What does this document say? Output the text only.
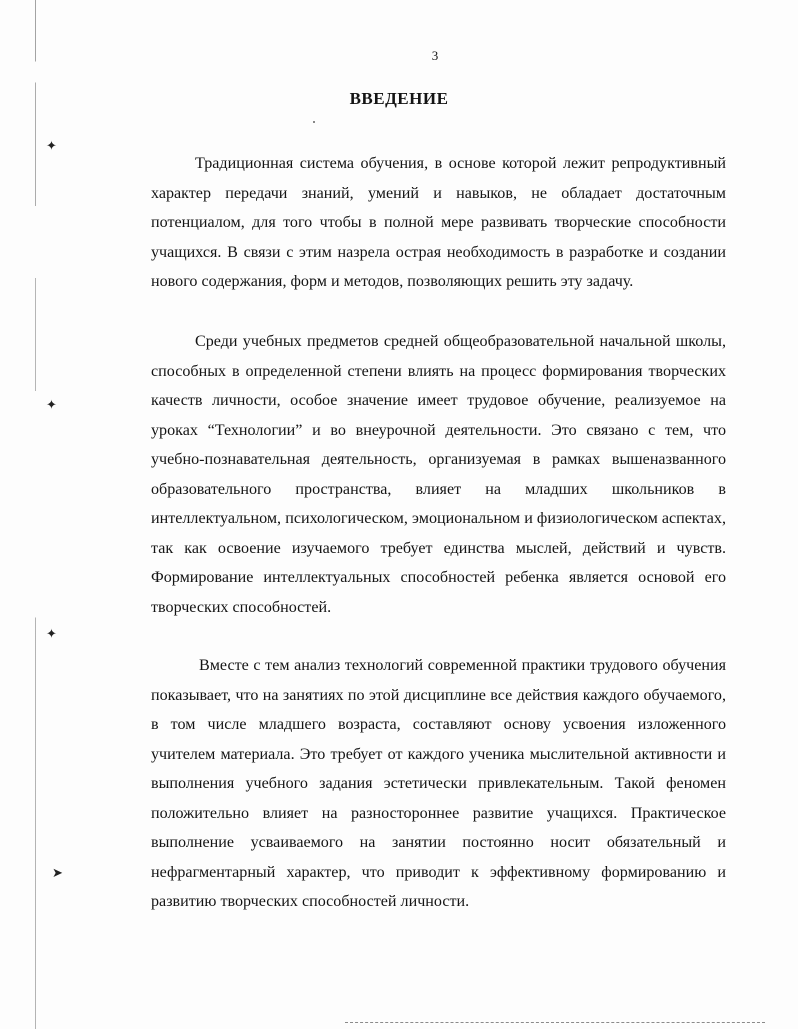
✦
✦
✦
➤
3
ВВЕДЕНИЕ

Традиционная система обучения, в основе которой лежит репродуктивный характер передачи знаний, умений и навыков, не обладает достаточным потенциалом, для того чтобы в полной мере развивать творческие способности учащихся. В связи с этим назрела острая необходимость в разработке и создании нового содержания, форм и методов, позволяющих решить эту задачу.

Среди учебных предметов средней общеобразовательной начальной школы, способных в определенной степени влиять на процесс формирования творческих качеств личности, особое значение имеет трудовое обучение, реализуемое на уроках “Технологии” и во внеурочной деятельности. Это связано с тем, что учебно-познавательная деятельность, организуемая в рамках вышеназванного образовательного пространства, влияет на младших школьников в интеллектуальном, психологическом, эмоциональном и физиологическом аспектах, так как освоение изучаемого требует единства мыслей, действий и чувств. Формирование интеллектуальных способностей ребенка является основой его творческих способностей.

Вместе с тем анализ технологий современной практики трудового обучения показывает, что на занятиях по этой дисциплине все действия каждого обучаемого, в том числе младшего возраста, составляют основу усвоения изложенного учителем материала. Это требует от каждого ученика мыслительной активности и выполнения учебного задания эстетически привлекательным. Такой феномен положительно влияет на разностороннее развитие учащихся. Практическое выполнение усваиваемого на занятии постоянно носит обязательный и нефрагментарный характер, что приводит к эффективному формированию и развитию творческих способностей личности.
